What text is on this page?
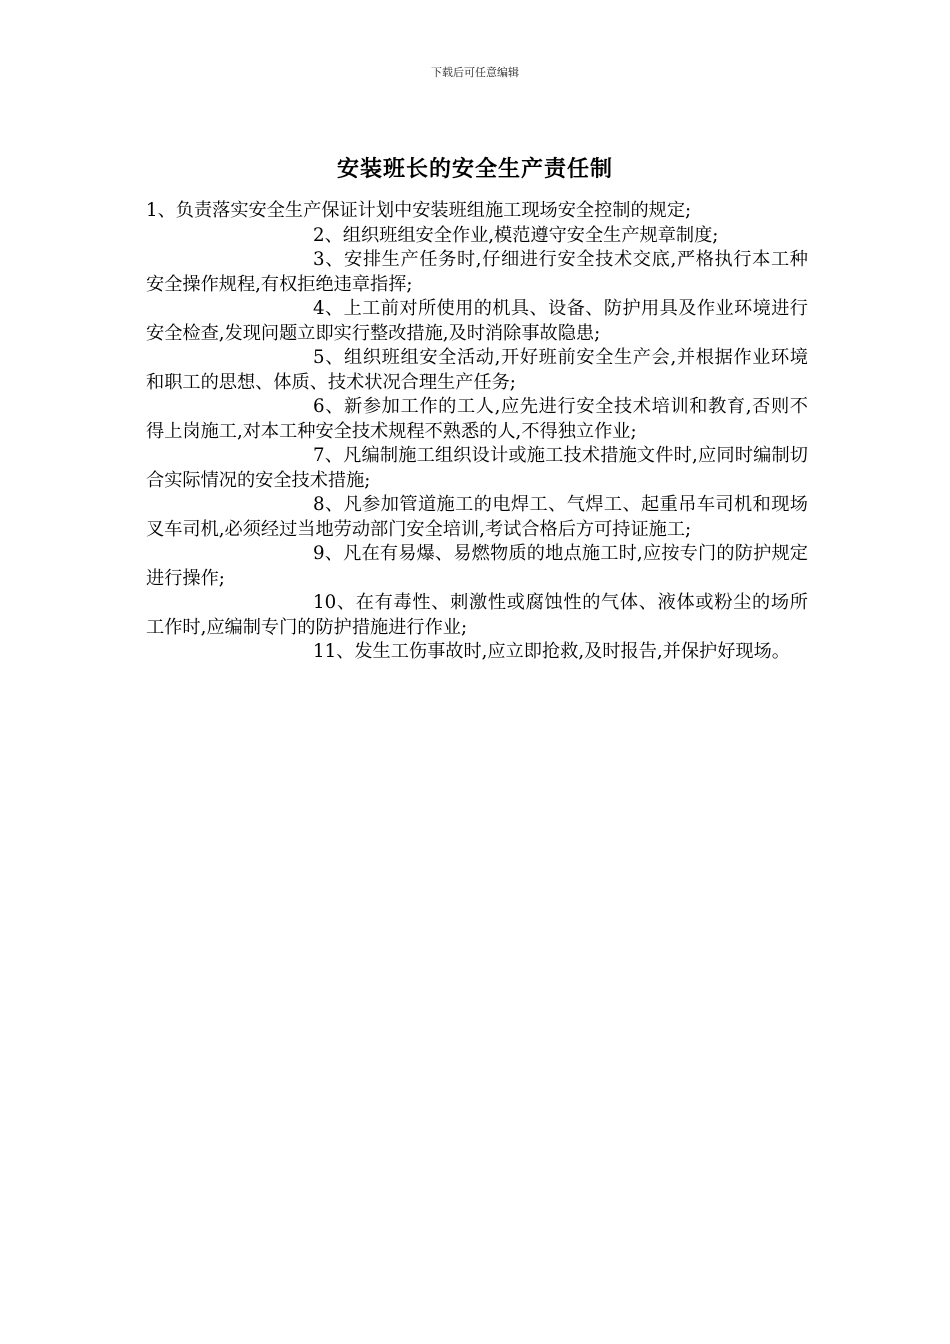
下载后可任意编辑
安装班长的安全生产责任制

1、负责落实安全生产保证计划中安装班组施工现场安全控制的规定;

2、组织班组安全作业,模范遵守安全生产规章制度;

3、安排生产任务时,仔细进行安全技术交底,严格执行本工种安全操作规程,有权拒绝违章指挥;

4、上工前对所使用的机具、设备、防护用具及作业环境进行安全检查,发现问题立即实行整改措施,及时消除事故隐患;

5、组织班组安全活动,开好班前安全生产会,并根据作业环境和职工的思想、体质、技术状况合理生产任务;

6、新参加工作的工人,应先进行安全技术培训和教育,否则不得上岗施工,对本工种安全技术规程不熟悉的人,不得独立作业;

7、凡编制施工组织设计或施工技术措施文件时,应同时编制切合实际情况的安全技术措施;

8、凡参加管道施工的电焊工、气焊工、起重吊车司机和现场叉车司机,必须经过当地劳动部门安全培训,考试合格后方可持证施工;

9、凡在有易爆、易燃物质的地点施工时,应按专门的防护规定进行操作;

10、在有毒性、刺激性或腐蚀性的气体、液体或粉尘的场所工作时,应编制专门的防护措施进行作业;

11、发生工伤事故时,应立即抢救,及时报告,并保护好现场。
